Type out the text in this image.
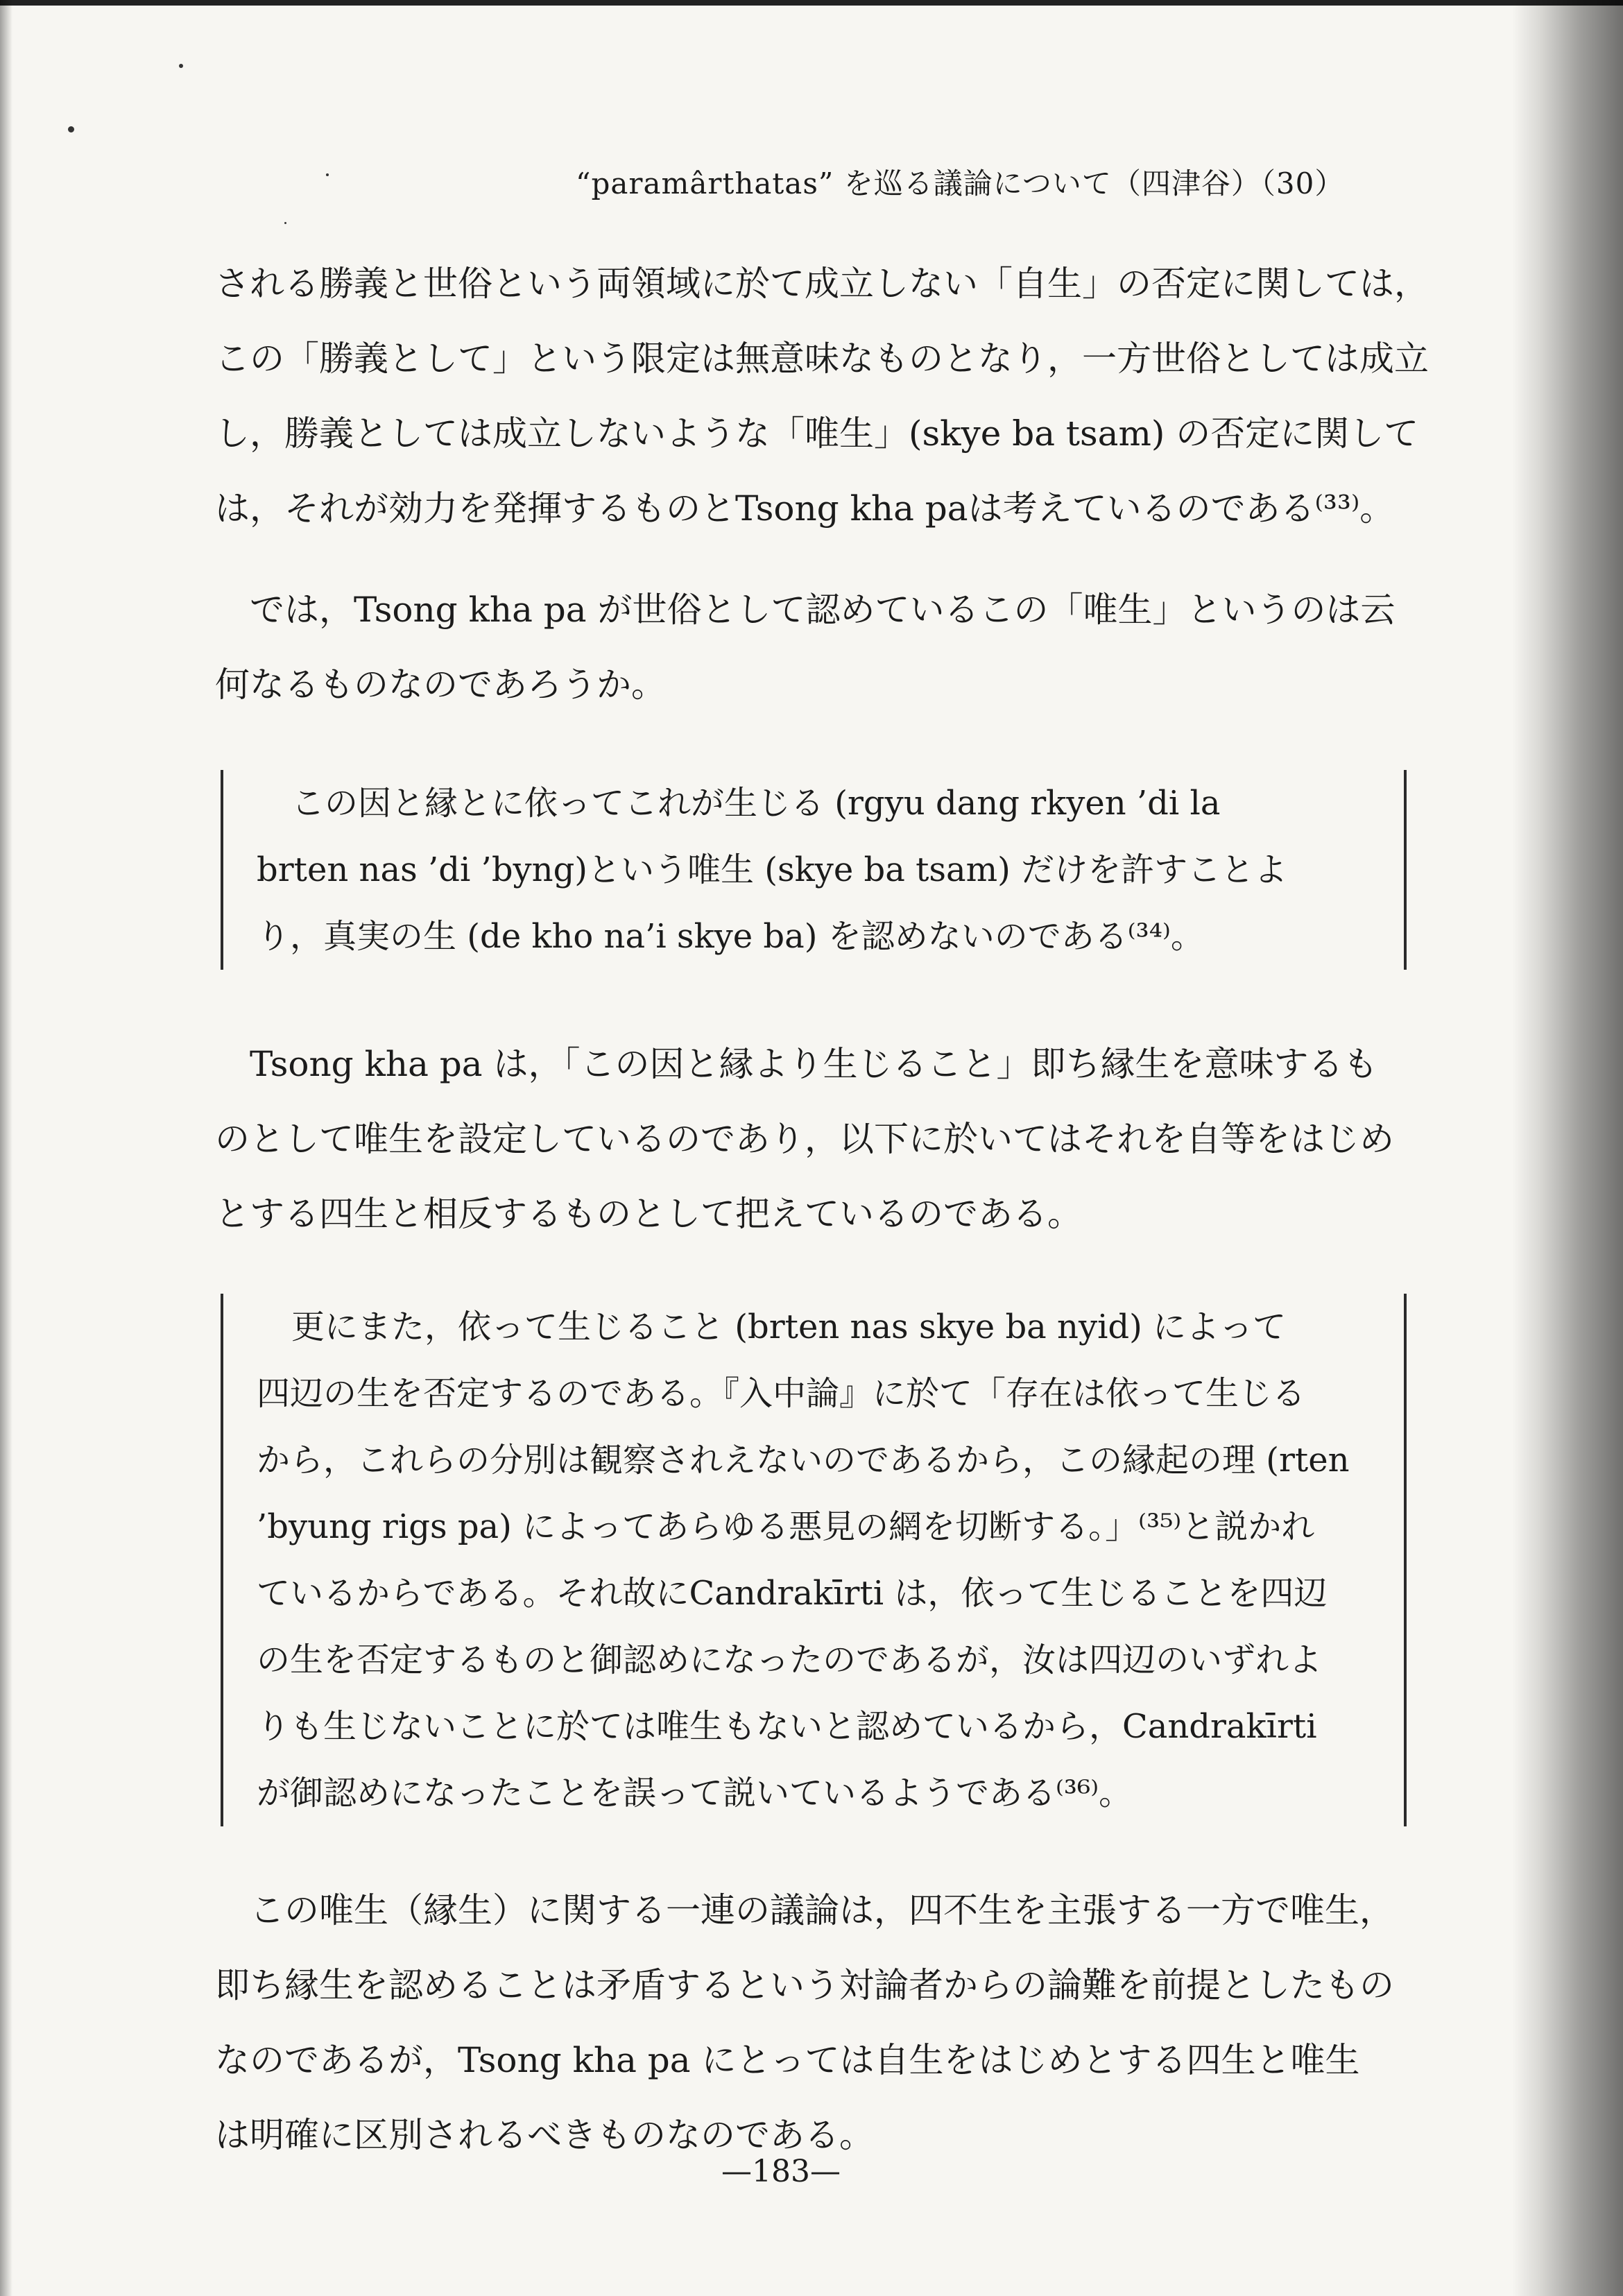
“paramârthatas” を巡る議論について（四津谷）（30）
される勝義と世俗という両領域に於て成立しない「自生」の否定に関しては，
この「勝義として」という限定は無意味なものとなり，一方世俗としては成立
し，勝義としては成立しないような「唯生」(skye ba tsam) の否定に関して
は，それが効力を発揮するものとTsong kha paは考えているのである⁽³³⁾。
では，Tsong kha pa が世俗として認めているこの「唯生」というのは云
何なるものなのであろうか。
この因と縁とに依ってこれが生じる (rgyu dang rkyen ’di la
brten nas ’di ’byng)という唯生 (skye ba tsam) だけを許すことよ
り，真実の生 (de kho na’i skye ba) を認めないのである⁽³⁴⁾。
Tsong kha pa は，「この因と縁より生じること」即ち縁生を意味するも
のとして唯生を設定しているのであり，以下に於いてはそれを自等をはじめ
とする四生と相反するものとして把えているのである。
更にまた，依って生じること (brten nas skye ba nyid) によって
四辺の生を否定するのである。『入中論』に於て「存在は依って生じる
から，これらの分別は観察されえないのであるから，この縁起の理 (rten
’byung rigs pa) によってあらゆる悪見の網を切断する。」⁽³⁵⁾と説かれ
ているからである。それ故にCandrakīrti は，依って生じることを四辺
の生を否定するものと御認めになったのであるが，汝は四辺のいずれよ
りも生じないことに於ては唯生もないと認めているから，Candrakīrti
が御認めになったことを誤って説いているようである⁽³⁶⁾。
この唯生（縁生）に関する一連の議論は，四不生を主張する一方で唯生，
即ち縁生を認めることは矛盾するという対論者からの論難を前提としたもの
なのであるが，Tsong kha pa にとっては自生をはじめとする四生と唯生
は明確に区別されるべきものなのである。
—183—
